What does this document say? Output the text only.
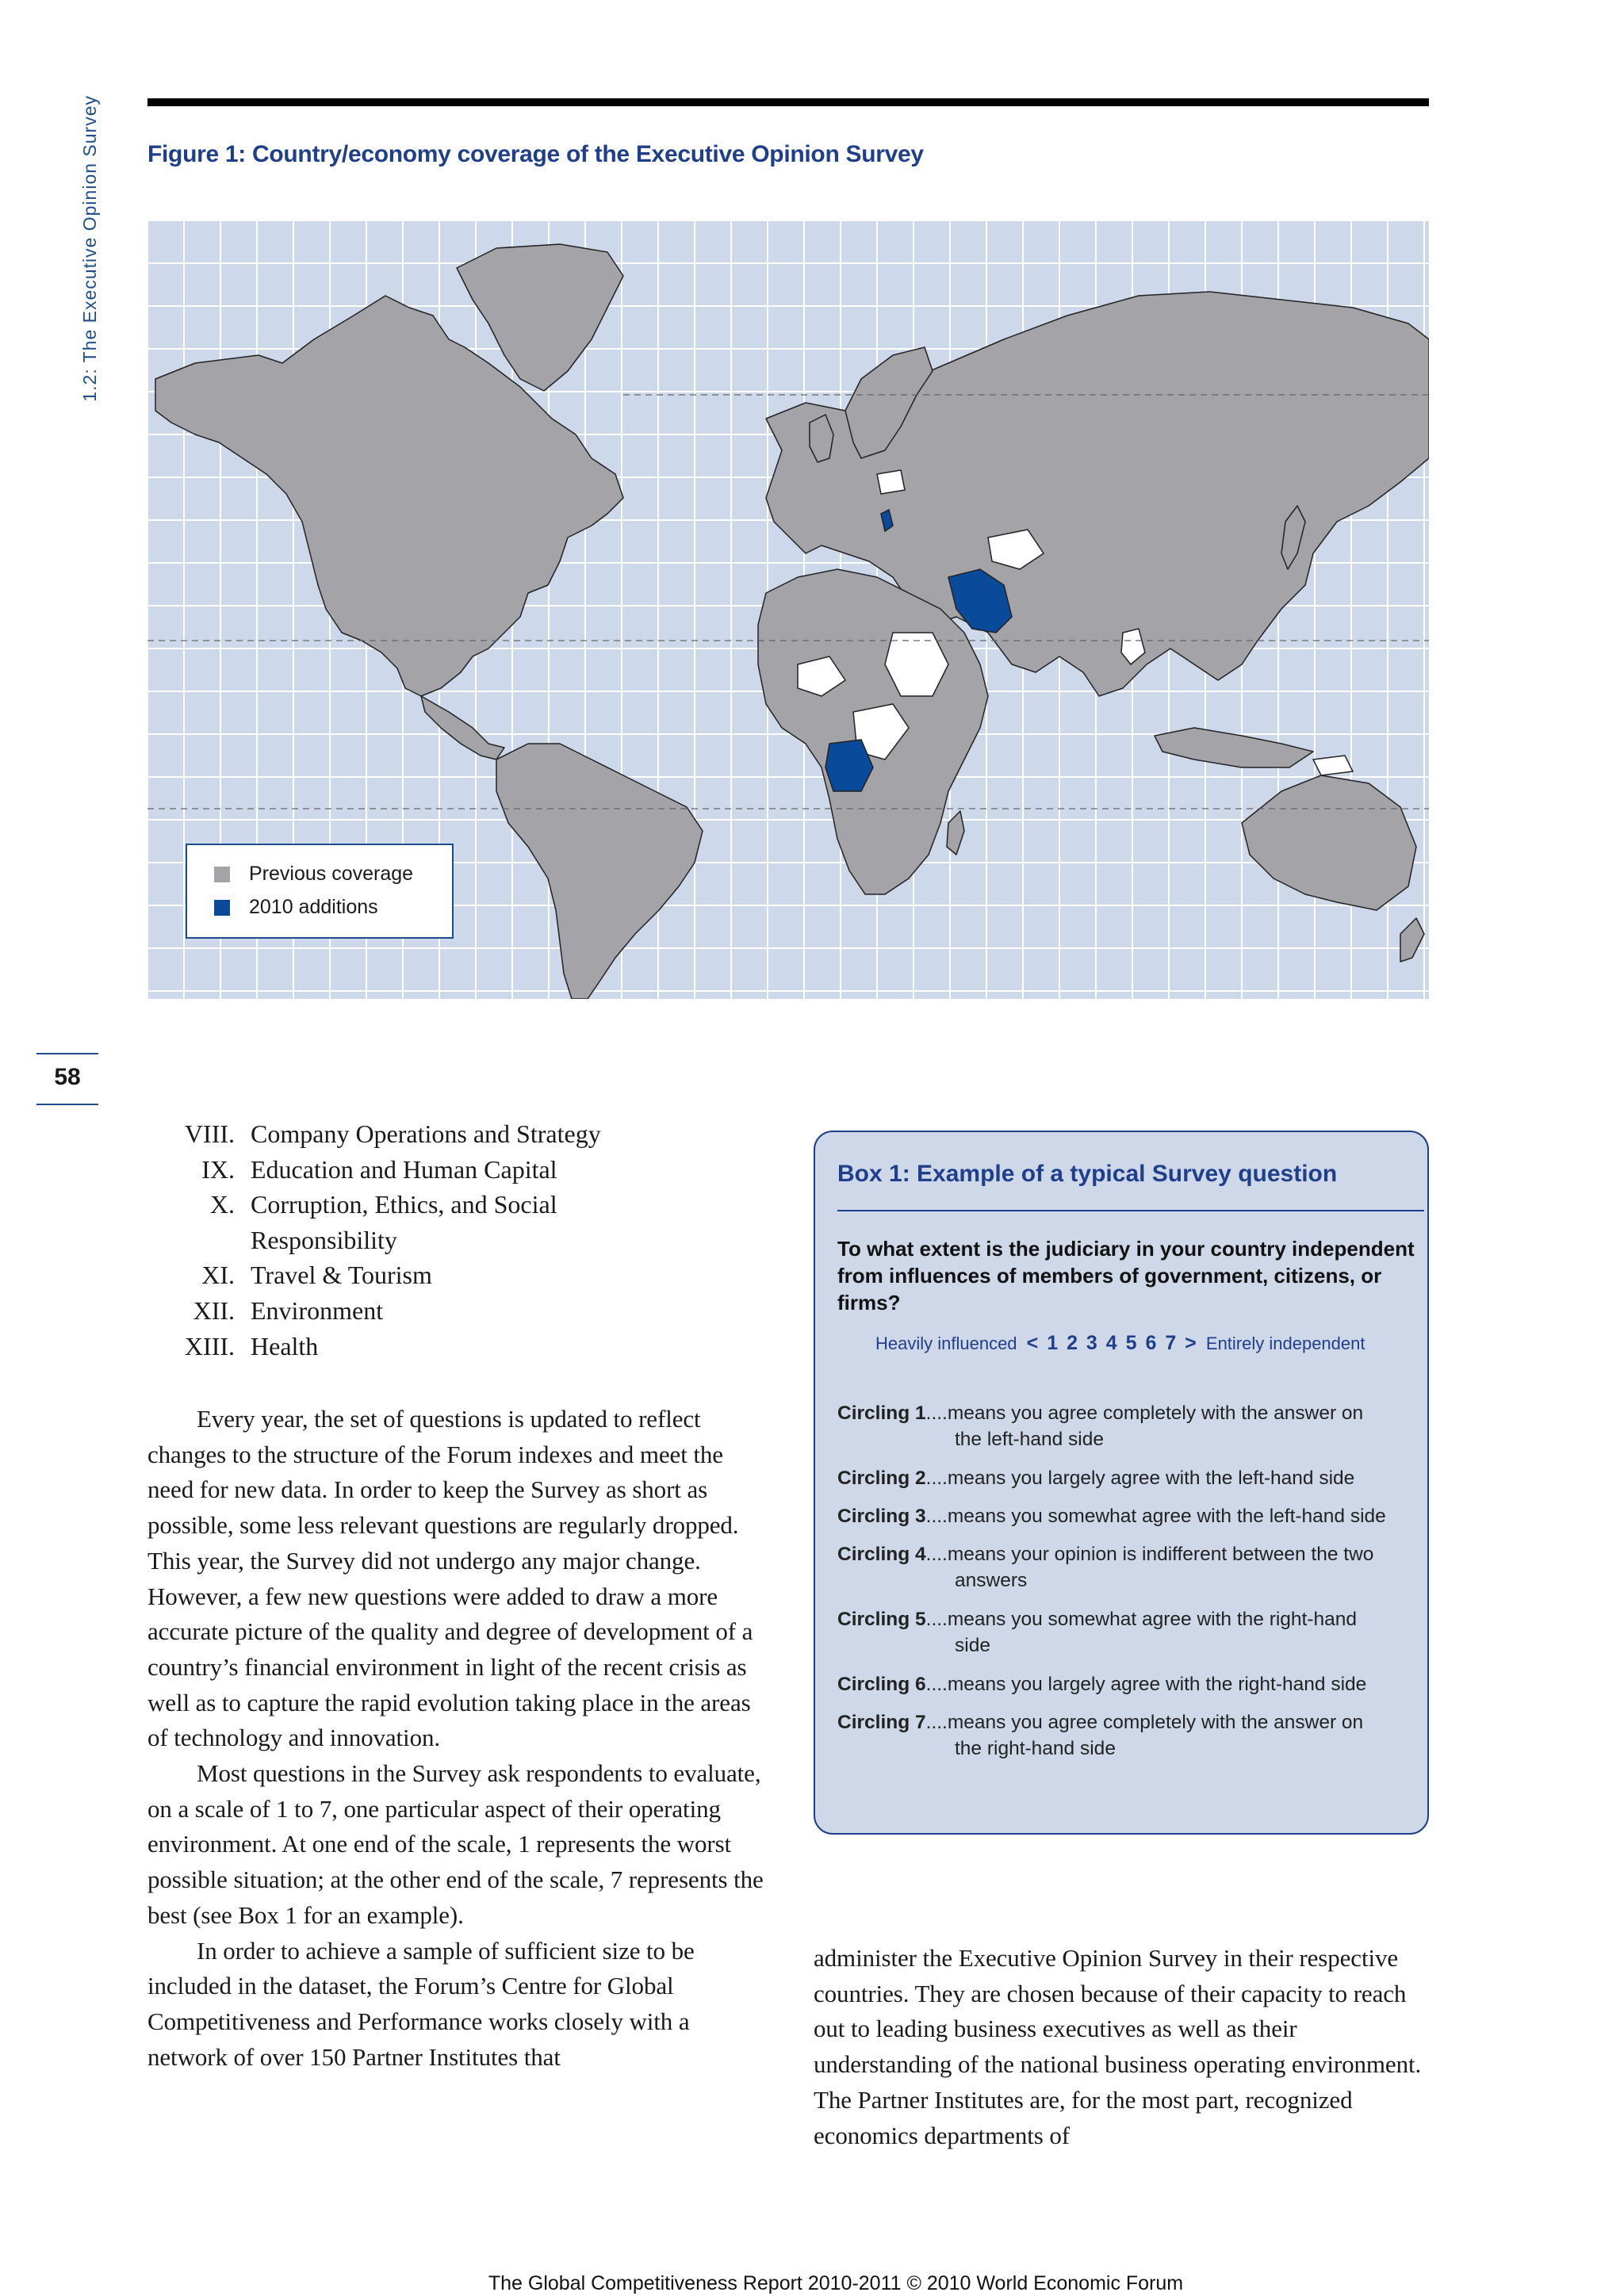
1.2: The Executive Opinion Survey
58
Figure 1: Country/economy coverage of the Executive Opinion Survey
Previous coverage
2010 additions
VIII. Company Operations and Strategy
IX. Education and Human Capital
X. Corruption, Ethics, and Social Responsibility
XI. Travel & Tourism
XII. Environment
XIII. Health

Every year, the set of questions is updated to reflect changes to the structure of the Forum indexes and meet the need for new data. In order to keep the Survey as short as possible, some less relevant questions are regularly dropped. This year, the Survey did not undergo any major change. However, a few new questions were added to draw a more accurate picture of the quality and degree of development of a country’s financial environment in light of the recent crisis as well as to capture the rapid evolution taking place in the areas of technology and innovation.

Most questions in the Survey ask respondents to evaluate, on a scale of 1 to 7, one particular aspect of their operating environment. At one end of the scale, 1 represents the worst possible situation; at the other end of the scale, 7 represents the best (see Box 1 for an example).

In order to achieve a sample of sufficient size to be included in the dataset, the Forum’s Centre for Global Competitiveness and Performance works closely with a network of over 150 Partner Institutes that

administer the Executive Opinion Survey in their respective countries. They are chosen because of their capacity to reach out to leading business executives as well as their understanding of the national business operating environment. The Partner Institutes are, for the most part, recognized economics departments of

Box 1: Example of a typical Survey question
To what extent is the judiciary in your country independent from influences of members of government, citizens, or firms?
Heavily influenced < 1 2 3 4 5 6 7 > Entirely independent
Circling 1....means you agree completely with the answer on
the left-hand side
Circling 2....means you largely agree with the left-hand side
Circling 3....means you somewhat agree with the left-hand side
Circling 4....means your opinion is indifferent between the two
answers
Circling 5....means you somewhat agree with the right-hand
side
Circling 6....means you largely agree with the right-hand side
Circling 7....means you agree completely with the answer on
the right-hand side
The Global Competitiveness Report 2010-2011 © 2010 World Economic Forum
